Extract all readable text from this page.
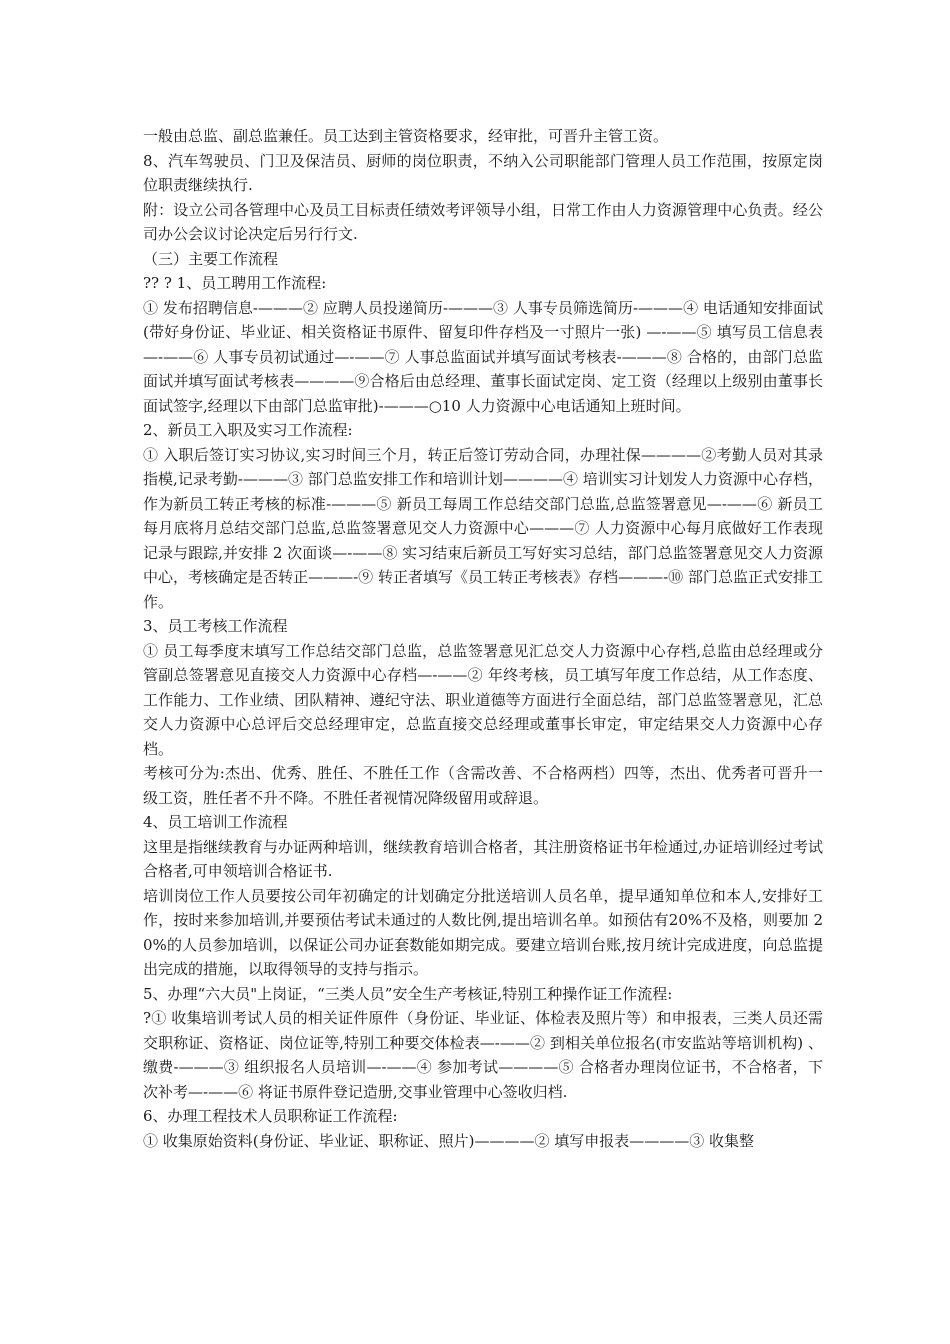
一般由总监、副总监兼任。员工达到主管资格要求，经审批，可晋升主管工资。

8、汽车驾驶员、门卫及保洁员、厨师的岗位职责，不纳入公司职能部门管理人员工作范围，按原定岗位职责继续执行.

附：设立公司各管理中心及员工目标责任绩效考评领导小组，日常工作由人力资源管理中心负责。经公司办公会议讨论决定后另行行文.

（三）主要工作流程

?? ? 1、员工聘用工作流程:

① 发布招聘信息-———② 应聘人员投递简历-———③ 人事专员筛选简历-———④ 电话通知安排面试(带好身份证、毕业证、相关资格证书原件、留复印件存档及一寸照片一张) —-——⑤ 填写员工信息表—-——⑥ 人事专员初试通过—-——⑦ 人事总监面试并填写面试考核表-———⑧ 合格的，由部门总监面试并填写面试考核表————⑨合格后由总经理、董事长面试定岗、定工资（经理以上级别由董事长面试签字,经理以下由部门总监审批)-———○10 人力资源中心电话通知上班时间。

2、新员工入职及实习工作流程:

① 入职后签订实习协议,实习时间三个月，转正后签订劳动合同，办理社保————②考勤人员对其录指模,记录考勤-———③ 部门总监安排工作和培训计划————④ 培训实习计划发人力资源中心存档，作为新员工转正考核的标准-———⑤ 新员工每周工作总结交部门总监,总监签署意见—-——⑥ 新员工每月底将月总结交部门总监,总监签署意见交人力资源中心———⑦ 人力资源中心每月底做好工作表现记录与跟踪,并安排 2 次面谈—-——⑧ 实习结束后新员工写好实习总结，部门总监签署意见交人力资源中心，考核确定是否转正———-⑨ 转正者填写《员工转正考核表》存档———-⑩ 部门总监正式安排工作。

3、员工考核工作流程

① 员工每季度末填写工作总结交部门总监，总监签署意见汇总交人力资源中心存档,总监由总经理或分管副总签署意见直接交人力资源中心存档—-——② 年终考核，员工填写年度工作总结，从工作态度、工作能力、工作业绩、团队精神、遵纪守法、职业道德等方面进行全面总结，部门总监签署意见，汇总交人力资源中心总评后交总经理审定，总监直接交总经理或董事长审定，审定结果交人力资源中心存档。

考核可分为:杰出、优秀、胜任、不胜任工作（含需改善、不合格两档）四等，杰出、优秀者可晋升一级工资，胜任者不升不降。不胜任者视情况降级留用或辞退。

4、员工培训工作流程

这里是指继续教育与办证两种培训，继续教育培训合格者，其注册资格证书年检通过,办证培训经过考试合格者,可申领培训合格证书.

培训岗位工作人员要按公司年初确定的计划确定分批送培训人员名单，提早通知单位和本人,安排好工作，按时来参加培训,并要预估考试未通过的人数比例,提出培训名单。如预估有20%不及格，则要加 20%的人员参加培训，以保证公司办证套数能如期完成。要建立培训台账,按月统计完成进度，向总监提出完成的措施，以取得领导的支持与指示。

5、办理“六大员"上岗证，“三类人员”安全生产考核证,特别工种操作证工作流程:

?① 收集培训考试人员的相关证件原件（身份证、毕业证、体检表及照片等）和申报表，三类人员还需交职称证、资格证、岗位证等,特别工种要交体检表—-——② 到相关单位报名(市安监站等培训机构) 、缴费-———③ 组织报名人员培训—-——④ 参加考试————⑤ 合格者办理岗位证书，不合格者，下次补考—-——⑥ 将证书原件登记造册,交事业管理中心签收归档.

6、办理工程技术人员职称证工作流程:

① 收集原始资料(身份证、毕业证、职称证、照片)————② 填写申报表————③ 收集整
